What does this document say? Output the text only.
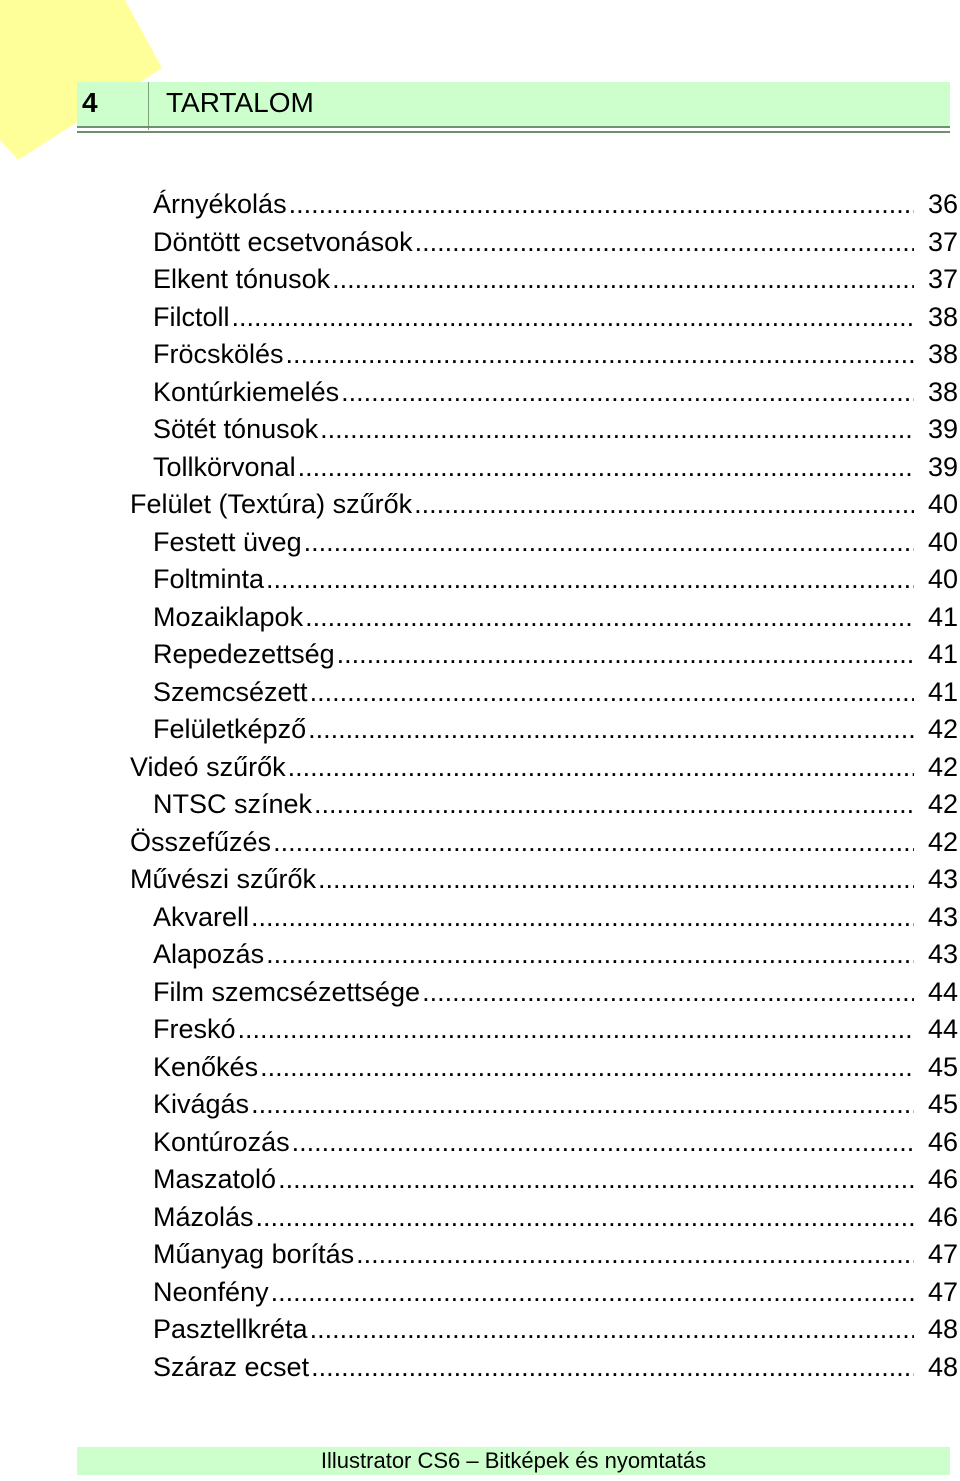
4 TARTALOM
Árnyékolás .....	36
Döntött ecsetvonások .....	37
Elkent tónusok .....	37
Filctoll .....	38
Fröcskölés .....	38
Kontúrkiemelés .....	38
Sötét tónusok .....	39
Tollkörvonal .....	39
Felület (Textúra) szűrők .....	40
Festett üveg .....	40
Foltminta .....	40
Mozaiklapok .....	41
Repedezettség .....	41
Szemcsézett .....	41
Felületképző .....	42
Videó szűrők .....	42
NTSC színek .....	42
Összefűzés .....	42
Művészi szűrők .....	43
Akvarell .....	43
Alapozás .....	43
Film szemcsézettsége .....	44
Freskó .....	44
Kenőkés .....	45
Kivágás .....	45
Kontúrozás .....	46
Maszatoló .....	46
Mázolás .....	46
Műanyag borítás .....	47
Neonfény .....	47
Pasztellkréta .....	48
Száraz ecset .....	48
Illustrator CS6 – Bitképek és nyomtatás
